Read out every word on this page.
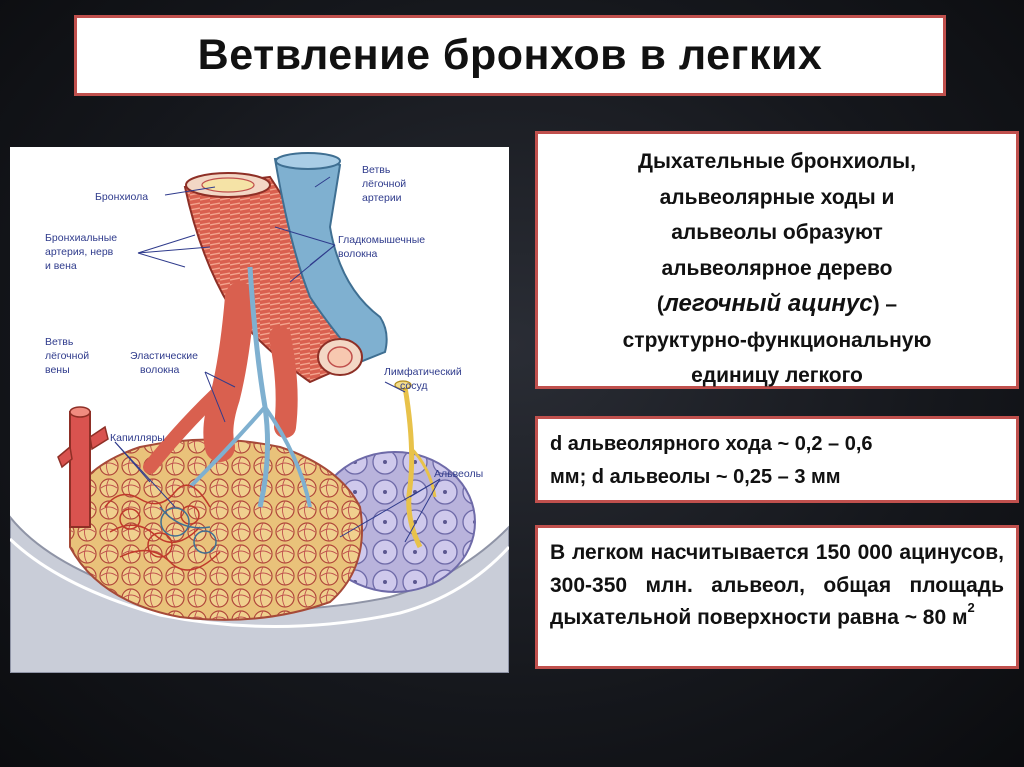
Ветвление бронхов в легких
Бронхиола
Бронхиальные
артерия, нерв
и вена
Ветвь
лёгочной
артерии
Гладкомышечные
волокна
Ветвь
лёгочной
вены
Эластические
волокна	Лимфатический
сосуд
Капилляры
Альвеолы
Дыхательные бронхиолы,
альвеолярные ходы и
альвеолы образуют
альвеолярное дерево
(легочный ацинус) –
структурно-функциональную
единицу легкого
d альвеолярного хода ~ 0,2 – 0,6
мм; d альвеолы ~ 0,25 – 3 мм
В легком насчитывается 150 000 ацинусов, 300-350 млн. альвеол, общая площадь дыхательной поверхности равна ~ 80 $м^2$
